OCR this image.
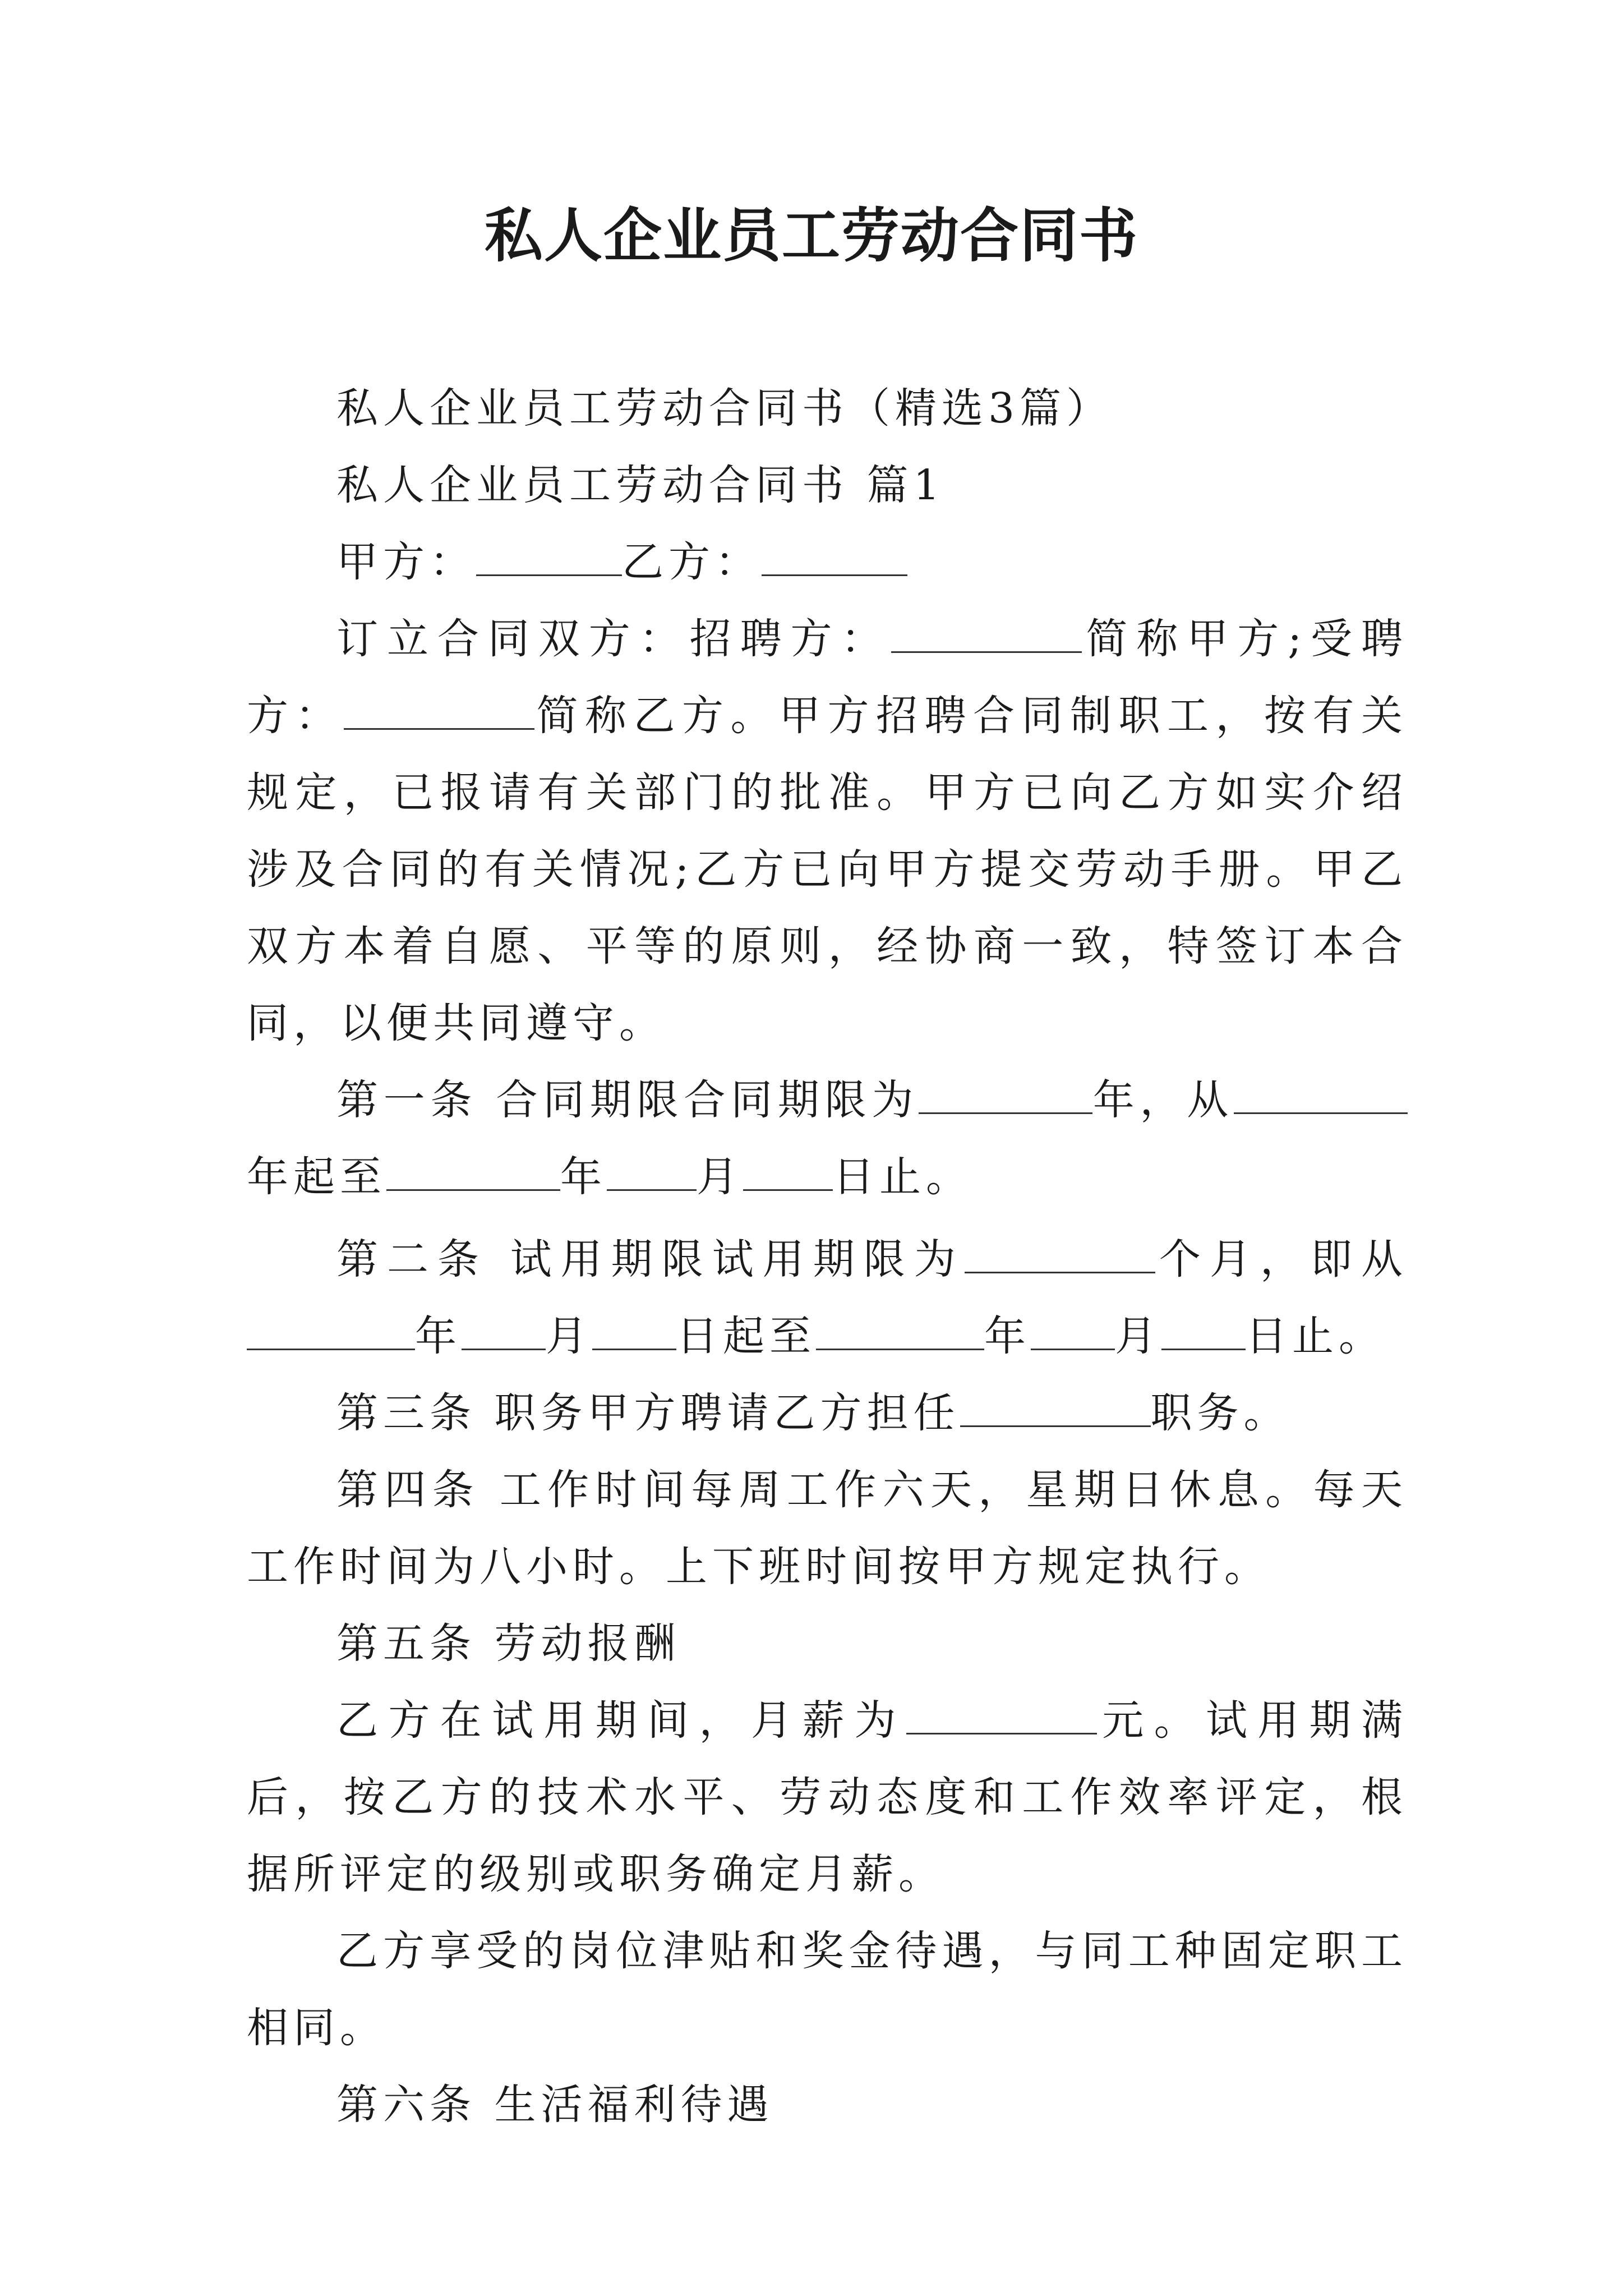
私人企业员工劳动合同书

私人企业员工劳动合同书（精选3篇）

私人企业员工劳动合同书 篇1

甲方：	乙方：

订立合同双方：招聘方：	简称甲方;受聘方：	简称乙方。甲方招聘合同制职工，按有关规定，已报请有关部门的批准。甲方已向乙方如实介绍涉及合同的有关情况;乙方已向甲方提交劳动手册。甲乙双方本着自愿、平等的原则，经协商一致，特签订本合同，以便共同遵守。

第一条 合同期限合同期限为	年，从年起至	年 月 日止。

第二条 试用期限试用期限为	个月，即从年 月 日起至	年 月 日止。

第三条 职务甲方聘请乙方担任	职务。

第四条 工作时间每周工作六天，星期日休息。每天工作时间为八小时。上下班时间按甲方规定执行。

第五条 劳动报酬

乙方在试用期间，月薪为	元。试用期满后，按乙方的技术水平、劳动态度和工作效率评定，根据所评定的级别或职务确定月薪。

乙方享受的岗位津贴和奖金待遇，与同工种固定职工相同。

第六条 生活福利待遇
